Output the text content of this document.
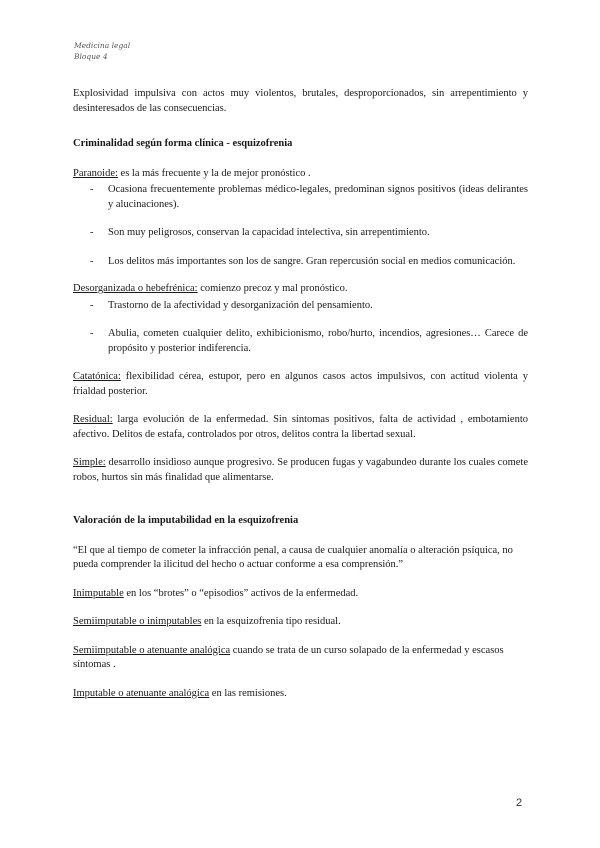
Medicina legal
Bloque 4

Explosividad impulsiva con actos muy violentos, brutales, desproporcionados, sin arrepentimiento y desinteresados de las consecuencias.

Criminalidad según forma clínica - esquizofrenia

Paranoide: es la más frecuente y la de mejor pronóstico .

-	Ocasiona frecuentemente problemas médico-legales, predominan signos positivos (ideas delirantes y alucinaciones).
-	Son muy peligrosos, conservan la capacidad intelectiva, sin arrepentimiento.
-	Los delitos más importantes son los de sangre. Gran repercusión social en medios comunicación.

Desorganizada o hebefrénica: comienzo precoz y mal pronóstico.

-	Trastorno de la afectividad y desorganización del pensamiento.
-	Abulia, cometen cualquier delito, exhibicionismo, robo/hurto, incendios, agresiones… Carece de propósito y posterior indiferencia.

Catatónica: flexibilidad cérea, estupor, pero en algunos casos actos impulsivos, con actitud violenta y frialdad posterior.

Residual: larga evolución de la enfermedad. Sin síntomas positivos, falta de actividad , embotamiento afectivo. Delitos de estafa, controlados por otros, delitos contra la libertad sexual.

Simple: desarrollo insidioso aunque progresivo. Se producen fugas y vagabundeo durante los cuales comete robos, hurtos sin más finalidad que alimentarse.

Valoración de la imputabilidad en la esquizofrenia

“El que al tiempo de cometer la infracción penal, a causa de cualquier anomalía o alteración psíquica, no pueda comprender la ilicitud del hecho o actuar conforme a esa comprensión.”

Inimputable en los “brotes” o “episodios” activos de la enfermedad.

Semiimputable o inimputables en la esquizofrenia tipo residual.

Semiimputable o atenuante analógica cuando se trata de un curso solapado de la enfermedad y escasos síntomas .

Imputable o atenuante analógica en las remisiones.

2
